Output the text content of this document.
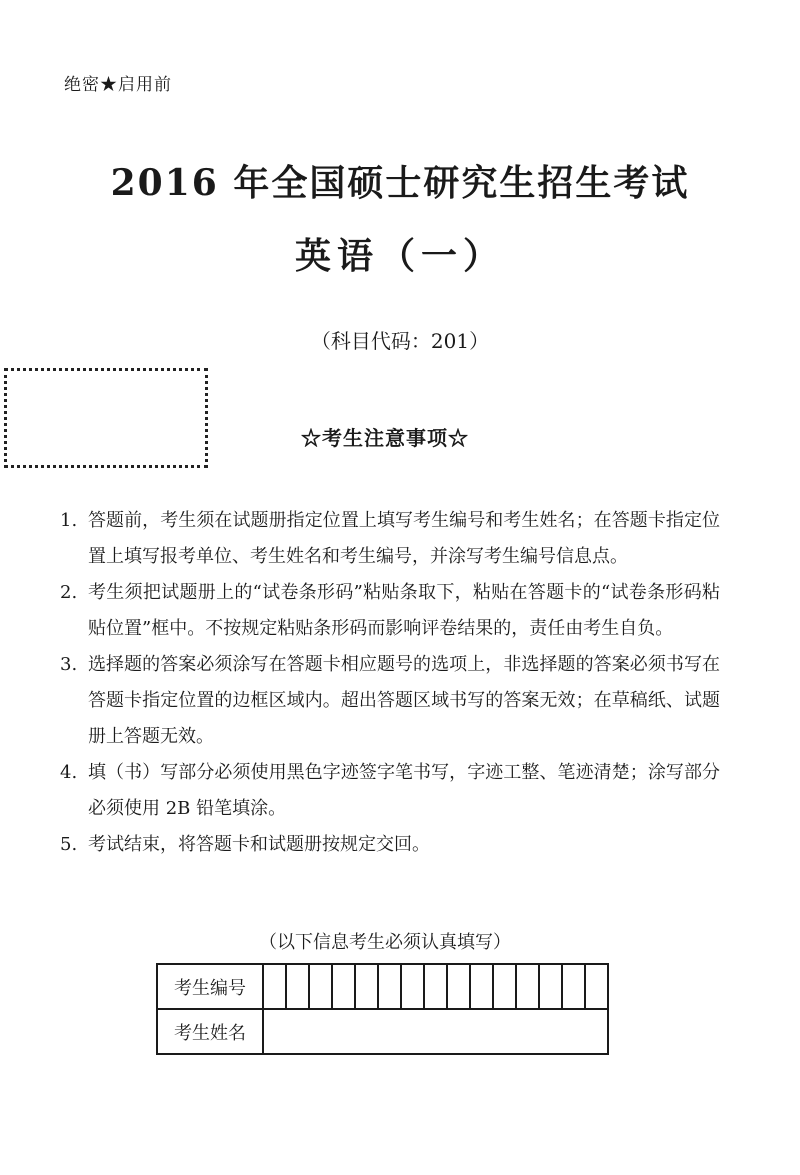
绝密★启用前
2016 年全国硕士研究生招生考试
英语（一）
（科目代码：201）
☆考生注意事项☆
1. 答题前，考生须在试题册指定位置上填写考生编号和考生姓名；在答题卡指定位置上填写报考单位、考生姓名和考生编号，并涂写考生编号信息点。
2. 考生须把试题册上的“试卷条形码”粘贴条取下，粘贴在答题卡的“试卷条形码粘贴位置”框中。不按规定粘贴条形码而影响评卷结果的，责任由考生自负。
3. 选择题的答案必须涂写在答题卡相应题号的选项上，非选择题的答案必须书写在答题卡指定位置的边框区域内。超出答题区域书写的答案无效；在草稿纸、试题册上答题无效。
4. 填（书）写部分必须使用黑色字迹签字笔书写，字迹工整、笔迹清楚；涂写部分必须使用 2B 铅笔填涂。
5. 考试结束，将答题卡和试题册按规定交回。
（以下信息考生必须认真填写）
考生编号															
考生姓名															
